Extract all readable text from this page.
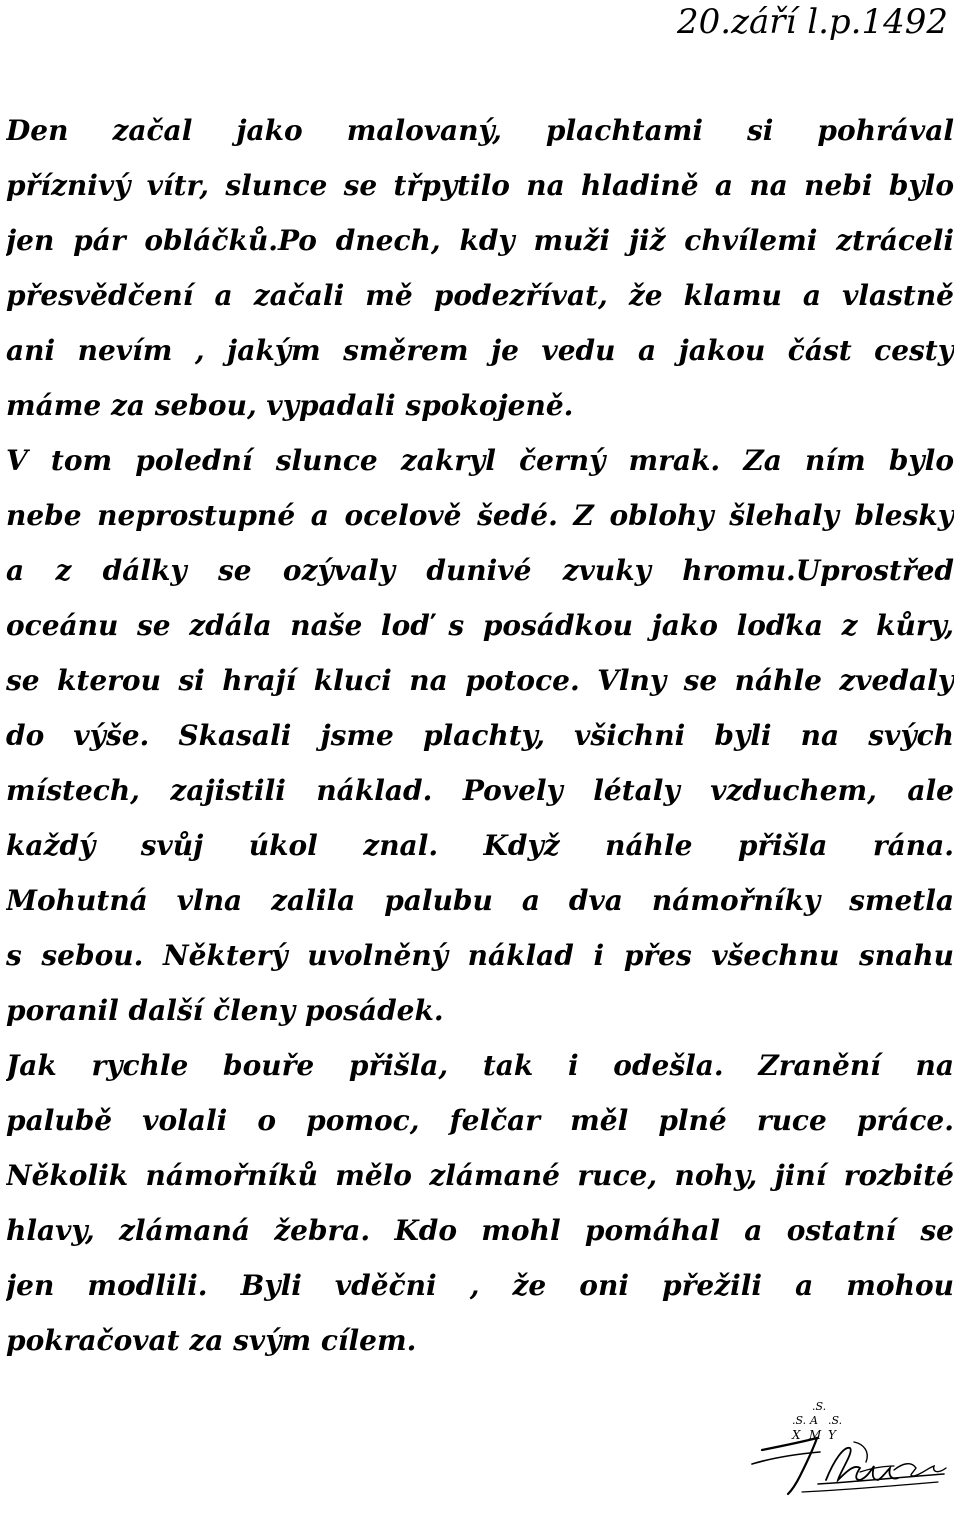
20.září l.p.1492
Den začal jako malovaný, plachtami si pohrával
příznivý vítr, slunce se třpytilo na hladině a na nebi bylo
jen pár obláčků.Po dnech, kdy muži již chvílemi ztráceli
přesvědčení a začali mě podezřívat, že klamu a vlastně
ani nevím , jakým směrem je vedu a jakou část cesty
máme za sebou, vypadali spokojeně.
V tom polední slunce zakryl černý mrak. Za ním bylo
nebe neprostupné a ocelově šedé. Z oblohy šlehaly blesky
a z dálky se ozývaly dunivé zvuky hromu.Uprostřed
oceánu se zdála naše loď s posádkou jako loďka z kůry,
se kterou si hrají kluci na potoce. Vlny se náhle zvedaly
do výše. Skasali jsme plachty, všichni byli na svých
místech, zajistili náklad. Povely létaly vzduchem, ale
každý svůj úkol znal. Když náhle přišla rána.
Mohutná vlna zalila palubu a dva námořníky smetla
s sebou. Některý uvolněný náklad i přes všechnu snahu
poranil další členy posádek.
Jak rychle bouře přišla, tak i odešla. Zranění na
palubě volali o pomoc, felčar měl plné ruce práce.
Několik námořníků mělo zlámané ruce, nohy, jiní rozbité
hlavy, zlámaná žebra. Kdo mohl pomáhal a ostatní se
jen modlili. Byli vděčni , že oni přežili a mohou
pokračovat za svým cílem.
.S.
.S. A .S.
X M Y
